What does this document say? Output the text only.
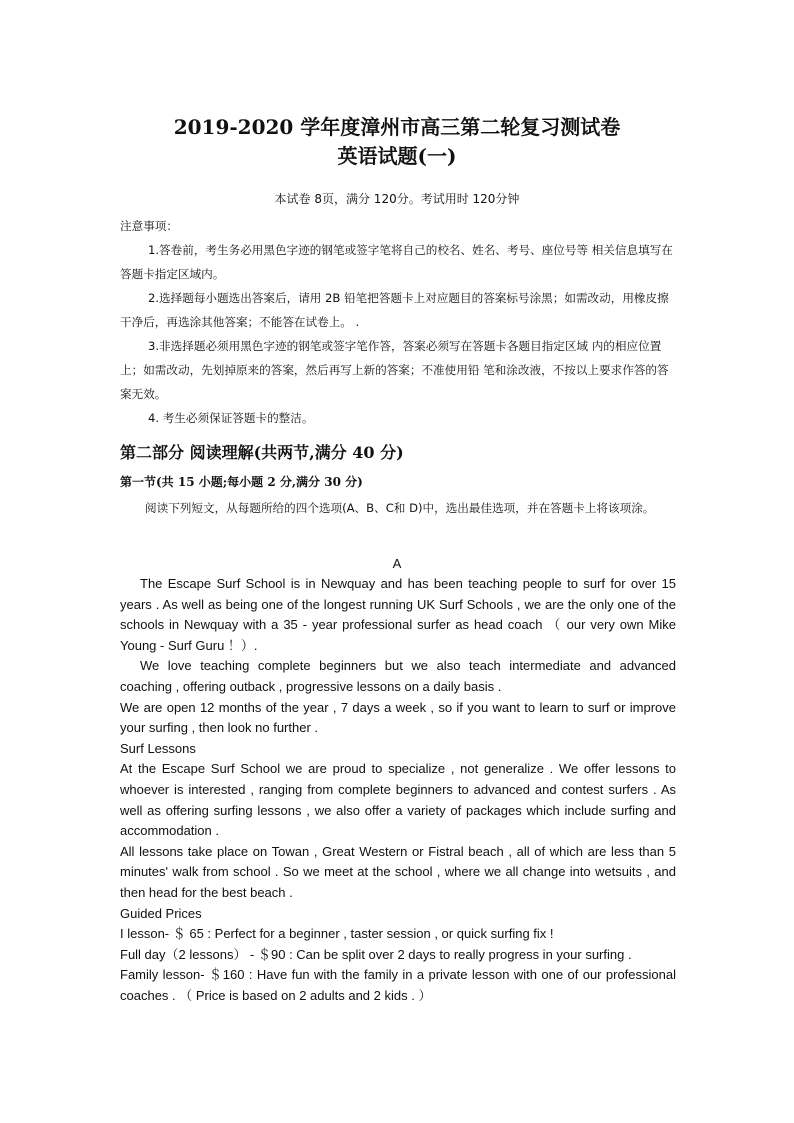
2019-2020 学年度漳州市高三第二轮复习测试卷
英语试题(一)
本试卷 8页，满分 120分。考试用时 120分钟

注意事项：

1.答卷前，考生务必用黑色字迹的钢笔或签字笔将自己的校名、姓名、考号、座位号等 相关信息填写在答题卡指定区域内。

2.选择题每小题选出答案后，请用 2B 铅笔把答题卡上对应题目的答案标号涂黑；如需改动，用橡皮擦干净后，再选涂其他答案；不能答在试卷上。 .

3.非选择题必须用黑色字迹的钢笔或签字笔作答，答案必须写在答题卡各题目指定区域 内的相应位置上；如需改动，先划掉原来的答案，然后再写上新的答案；不准使用铅 笔和涂改液，不按以上要求作答的答案无效。

4. 考生必须保证答题卡的整洁。

第二部分 阅读理解(共两节,满分 40 分)
第一节(共 15 小题;每小题 2 分,满分 30 分)
阅读下列短文，从每题所给的四个选项(A、B、C和 D)中，选出最佳选项，并在答题卡上将该项涂。
A

The Escape Surf School is in Newquay and has been teaching people to surf for over 15 years . As well as being one of the longest running UK Surf Schools , we are the only one of the schools in Newquay with a 35 - year professional surfer as head coach （ our very own Mike Young - Surf Guru ！）.

We love teaching complete beginners but we also teach intermediate and advanced coaching , offering outback , progressive lessons on a daily basis .

We are open 12 months of the year , 7 days a week , so if you want to learn to surf or improve your surfing , then look no further .

Surf Lessons

At the Escape Surf School we are proud to specialize , not generalize . We offer lessons to whoever is interested , ranging from complete beginners to advanced and contest surfers . As well as offering surfing lessons , we also offer a variety of packages which include surfing and accommodation .

All lessons take place on Towan , Great Western or Fistral beach , all of which are less than 5 minutes' walk from school . So we meet at the school , where we all change into wetsuits , and then head for the best beach .

Guided Prices

I lesson- ＄ 65 : Perfect for a beginner , taster session , or quick surfing fix !

Full day（2 lessons） - ＄90 : Can be split over 2 days to really progress in your surfing .

Family lesson- ＄160 : Have fun with the family in a private lesson with one of our professional coaches . （ Price is based on 2 adults and 2 kids . ）
